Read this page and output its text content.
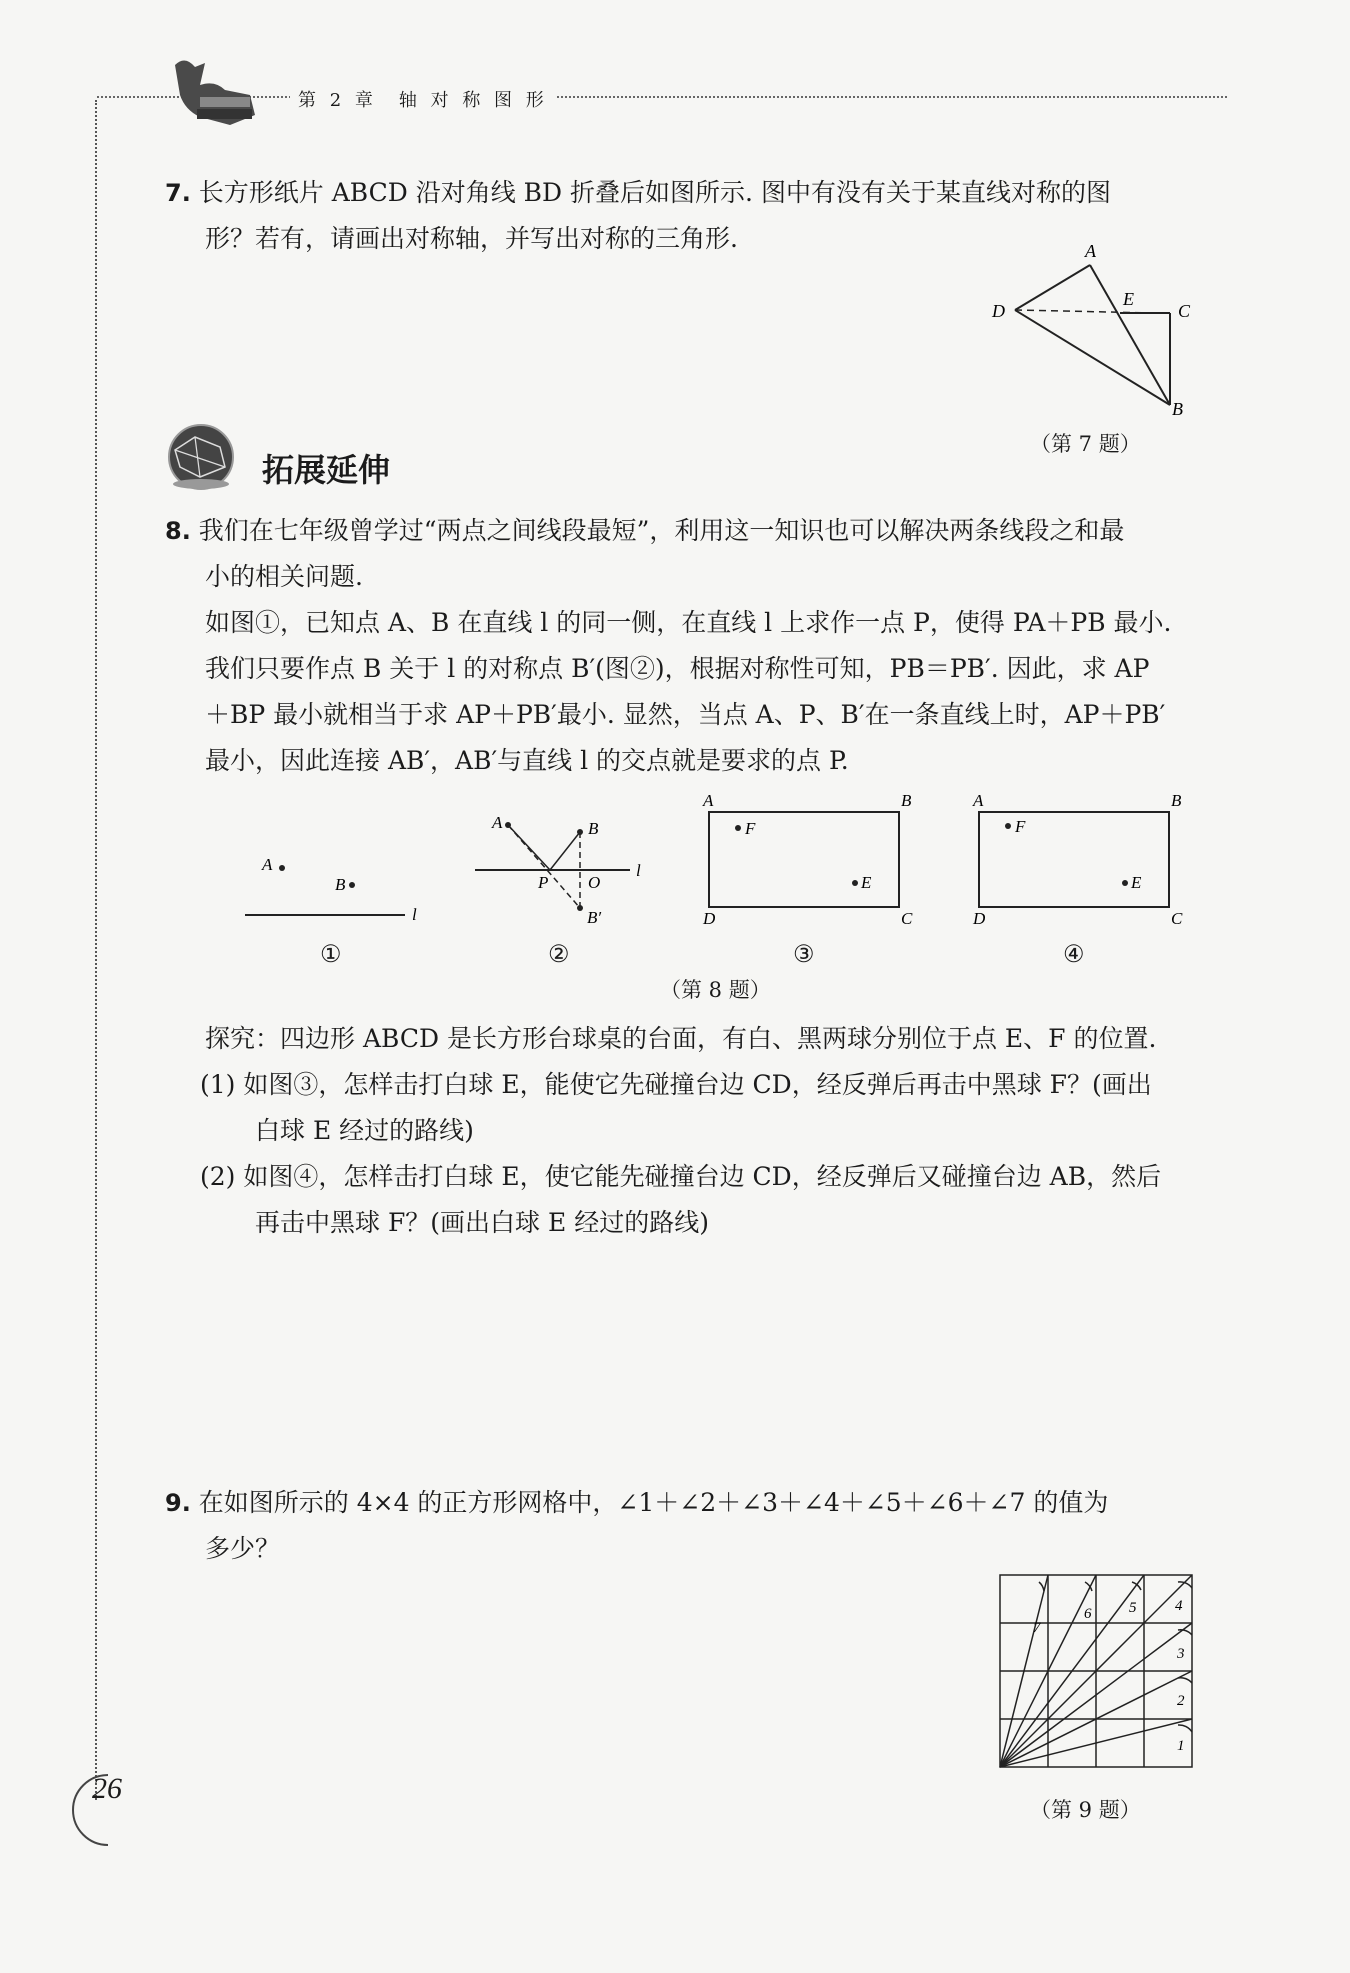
第 2 章　轴 对 称 图 形
7. 长方形纸片 ABCD 沿对角线 BD 折叠后如图所示. 图中有没有关于某直线对称的图
形？若有，请画出对称轴，并写出对称的三角形.	A
D
E
C
B
（第 7 题）
拓展延伸
8. 我们在七年级曾学过“两点之间线段最短”，利用这一知识也可以解决两条线段之和最
小的相关问题.
如图①，已知点 A、B 在直线 l 的同一侧，在直线 l 上求作一点 P，使得 PA＋PB 最小.
我们只要作点 B 关于 l 的对称点 B′(图②)，根据对称性可知，PB＝PB′. 因此，求 AP
＋BP 最小就相当于求 AP＋PB′最小. 显然，当点 A、P、B′在一条直线上时，AP＋PB′
最小，因此连接 AB′，AB′与直线 l 的交点就是要求的点 P.
A
B
l
A	B
P O
B′
l
A	B
C
D
F
E
A	B
C
D
F
E
①	②	③	④
（第 8 题）
探究：四边形 ABCD 是长方形台球桌的台面，有白、黑两球分别位于点 E、F 的位置.
(1) 如图③，怎样击打白球 E，能使它先碰撞台边 CD，经反弹后再击中黑球 F？(画出
白球 E 经过的路线)
(2) 如图④，怎样击打白球 E，使它能先碰撞台边 CD，经反弹后又碰撞台边 AB，然后
再击中黑球 F？(画出白球 E 经过的路线)
9. 在如图所示的 4×4 的正方形网格中，∠1＋∠2＋∠3＋∠4＋∠5＋∠6＋∠7 的值为
多少？
1
2
3
4
5
6
7
（第 9 题）
26
